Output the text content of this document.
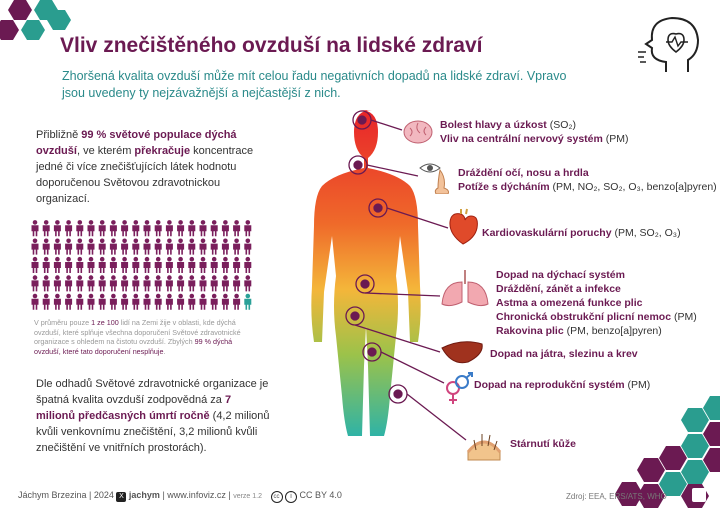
Vliv znečištěného ovzduší na lidské zdraví
Zhoršená kvalita ovzduší může mít celou řadu negativních dopadů na lidské zdraví. Vpravo jsou uvedeny ty nejzávažnější a nejčastější z nich.
Přibližně 99 % světové populace dýchá ovzduší, ve kterém překračuje koncentrace jedné či více znečišťujících látek hodnotu doporučenou Světovou zdravotnickou organizací.
V průměru pouze 1 ze 100 lidí na Zemi žije v oblasti, kde dýchá ovzduší, které splňuje všechna doporučení Světové zdravotnické organizace s ohledem na čistotu ovzduší. Zbylých 99 % dýchá ovzduší, které tato doporučení nesplňuje.
Dle odhadů Světové zdravotnické organizace je špatná kvalita ovzduší zodpovědná za 7 milionů předčasných úmrtí ročně (4,2 milionů kvůli venkovnímu znečištění, 3,2 milionů kvůli znečištění ve vnitřních prostorách).
Bolest hlavy a úzkost (SO₂)
Vliv na centrální nervový systém (PM)
Dráždění očí, nosu a hrdla
Potíže s dýcháním (PM, NO₂, SO₂, O₃, benzo[a]pyren)
Kardiovaskulární poruchy (PM, SO₂, O₃)
Dopad na dýchací systém
Dráždění, zánět a infekce
Astma a omezená funkce plic
Chronická obstrukční plicní nemoc (PM)
Rakovina plic (PM, benzo[a]pyren)
Dopad na játra, slezinu a krev
Dopad na reprodukční systém (PM)
Stárnutí kůže
Jáchym Brzezina | 2024 X jachym | www.infoviz.cz | verze 1.2 cc i CC BY 4.0	Zdroj: EEA, ERS/ATS, WHO
